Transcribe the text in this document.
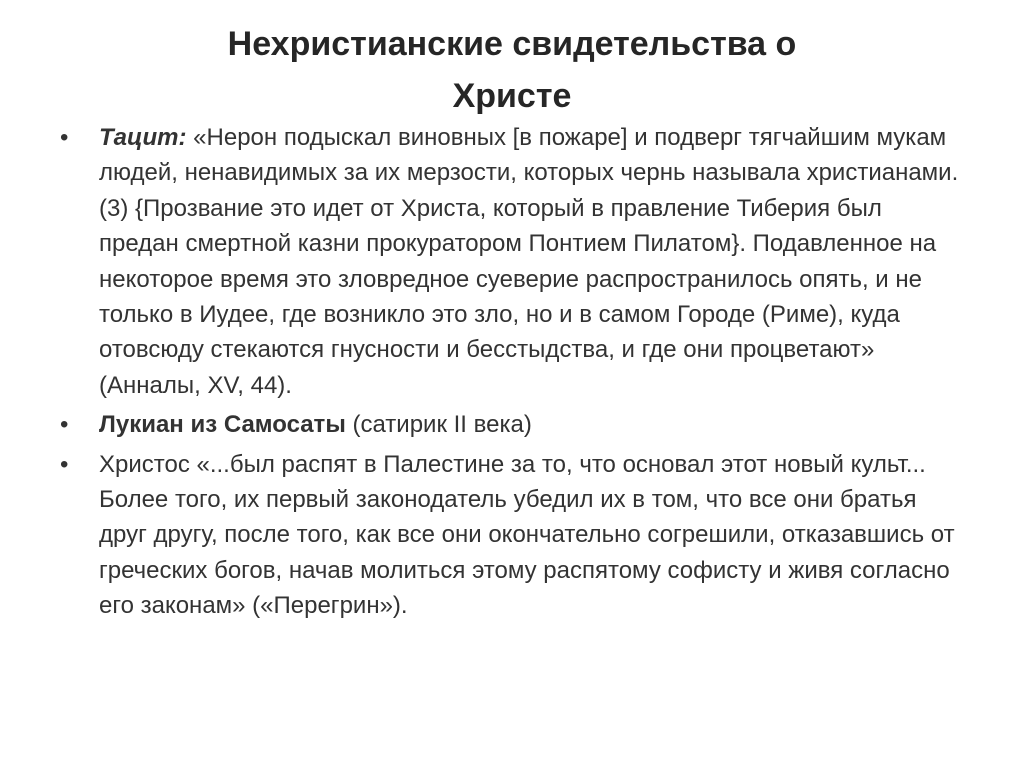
Нехристианские свидетельства о
Христе
•	Тацит: «Нерон подыскал виновных [в пожаре] и подверг тягчайшим мукам людей, ненавидимых за их мерзости, которых чернь называла христианами. (3) {Прозвание это идет от Христа, который в правление Тиберия был предан смертной казни прокуратором Понтием Пилатом}. Подавленное на некоторое время это зловредное суеверие распространилось опять, и не только в Иудее, где возникло это зло, но и в самом Городе (Риме), куда отовсюду стекаются гнусности и бесстыдства, и где они процветают» (Анналы, XV, 44).
•	Лукиан из Самосаты (сатирик II века)
•	Христос «...был распят в Палестине за то, что основал этот новый культ... Более того, их первый законодатель убедил их в том, что все они братья друг другу, после того, как все они окончательно согрешили, отказавшись от греческих богов, начав молиться этому распятому софисту и живя согласно его законам» («Перегрин»).
